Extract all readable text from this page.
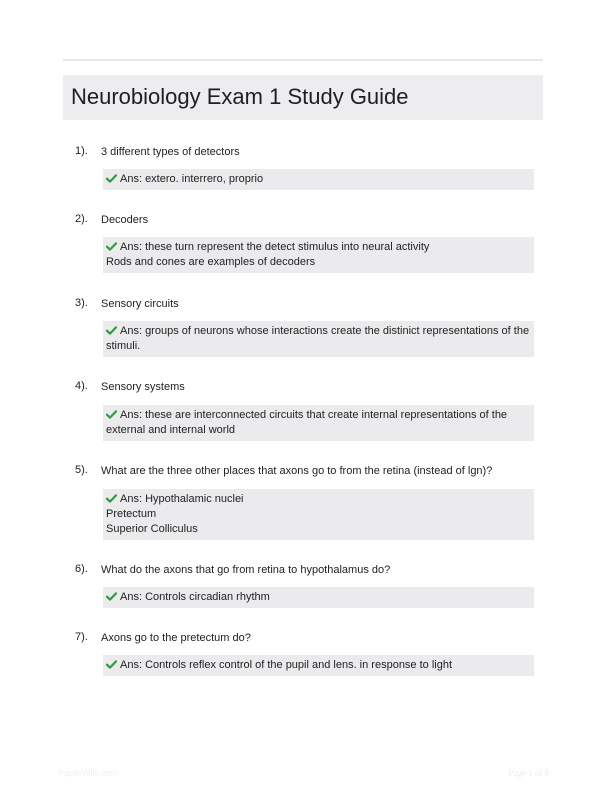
Neurobiology Exam 1 Study Guide
1). 3 different types of detectors
Ans: extero. interrero, proprio
2). Decoders
Ans: these turn represent the detect stimulus into neural activity
Rods and cones are examples of decoders
3). Sensory circuits
Ans: groups of neurons whose interactions create the distinict representations of the stimuli.
4). Sensory systems
Ans: these are interconnected circuits that create internal representations of the external and internal world
5). What are the three other places that axons go to from the retina (instead of lgn)?
Ans: Hypothalamic nuclei
Pretectum
Superior Colliculus
6). What do the axons that go from retina to hypothalamus do?
Ans: Controls circadian rhythm
7). Axons go to the pretectum do?
Ans: Controls reflex control of the pupil and lens. in response to light
PaperWiki.com	Page 1 of 8
